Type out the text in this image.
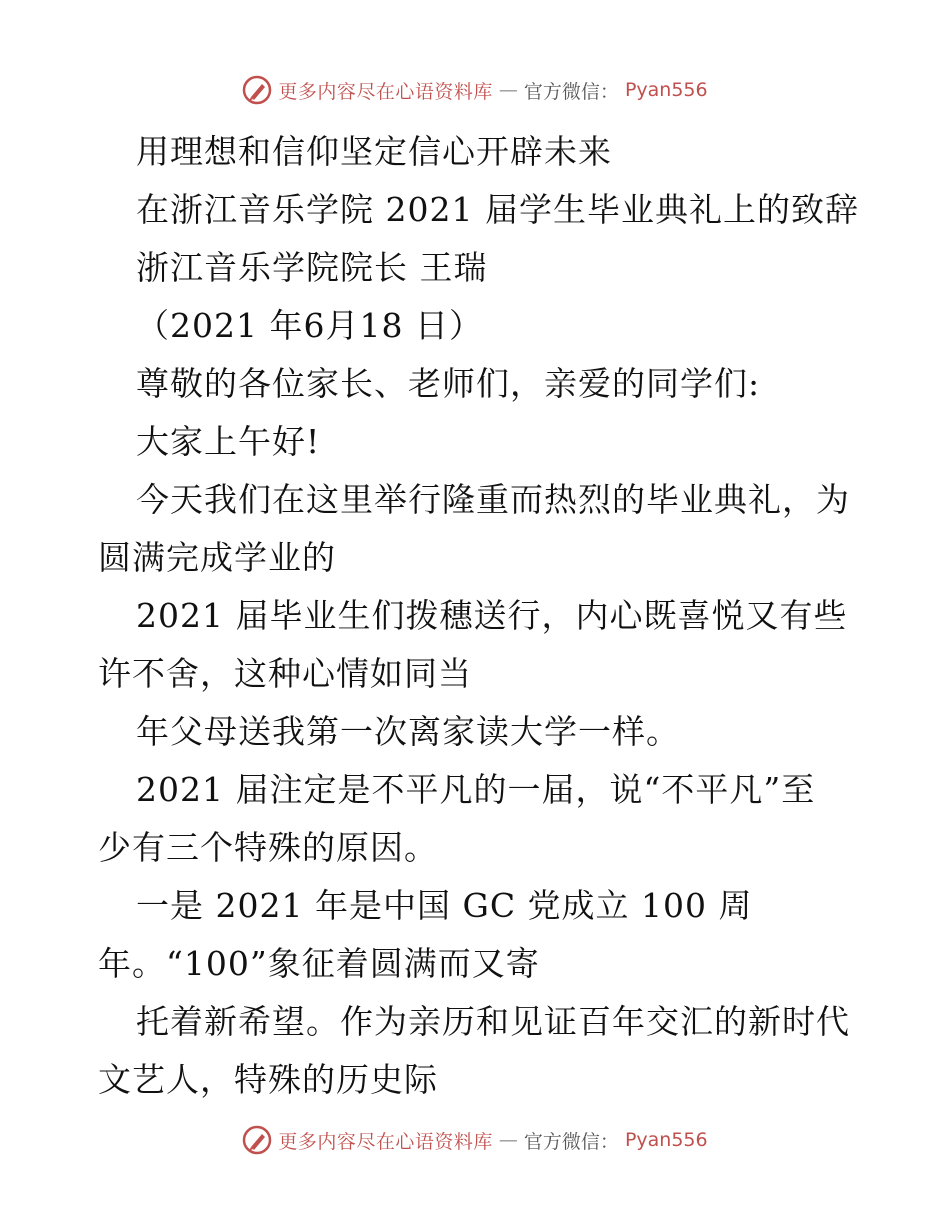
更多内容尽在心语资料库 — 官方微信： Pyan556
用理想和信仰坚定信心开辟未来
在浙江音乐学院 2021 届学生毕业典礼上的致辞
浙江音乐学院院长 王瑞
（2021 年6月18 日）
尊敬的各位家长、老师们，亲爱的同学们:
大家上午好!
今天我们在这里举行隆重而热烈的毕业典礼，为
圆满完成学业的
2021 届毕业生们拨穗送行，内心既喜悦又有些
许不舍，这种心情如同当
年父母送我第一次离家读大学一样。
2021 届注定是不平凡的一届，说“不平凡”至
少有三个特殊的原因。
一是 2021 年是中国 GC 党成立 100 周
年。“100”象征着圆满而又寄
托着新希望。作为亲历和见证百年交汇的新时代
文艺人，特殊的历史际
更多内容尽在心语资料库 — 官方微信： Pyan556
